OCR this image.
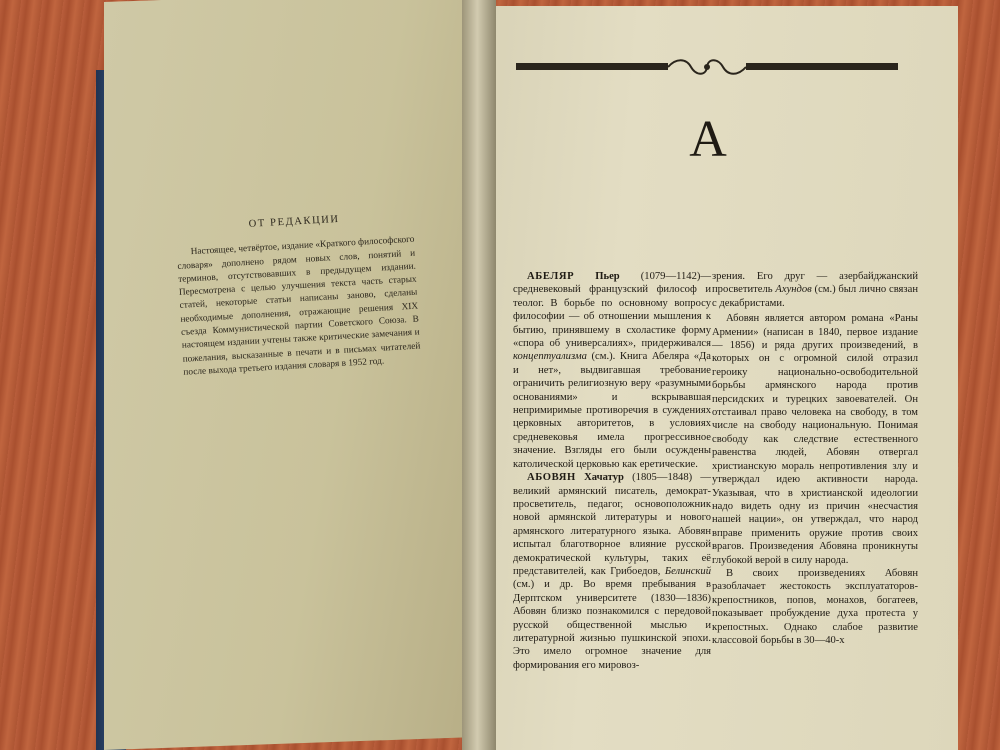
ОТ РЕДАКЦИИ

Настоящее, четвёртое, издание «Краткого философского словаря» дополнено рядом новых слов, понятий и терминов, отсутствовавших в предыдущем издании. Пересмотрена с целью улучшения текста часть старых статей, некоторые статьи написаны заново, сделаны необходимые дополнения, отражающие решения XIX съезда Коммунистической партии Советского Союза. В настоящем издании учтены также критические замечания и пожелания, высказанные в печати и в письмах читателей после выхода третьего издания словаря в 1952 год.

А

АБЕЛЯР Пьер (1079—1142)— средневековый французский философ и теолог. В борьбе по основному вопросу философии — об отношении мышления к бытию, принявшему в схоластике форму «спора об универсалиях», придерживался концептуализма (см.). Книга Абеляра «Да и нет», выдвигавшая требование ограничить религиозную веру «разумными основаниями» и вскрывавшая непримиримые противоречия в суждениях церковных авторитетов, в условиях средневековья имела прогрессивное значение. Взгляды его были осуждены католической церковью как еретические.

АБОВЯН Хачатур (1805—1848) — великий армянский писатель, демократ-просветитель, педагог, основоположник новой армянской литературы и нового армянского литературного языка. Абовян испытал благотворное влияние русской демократической культуры, таких её представителей, как Грибоедов, Белинский (см.) и др. Во время пребывания в Дерптском университете (1830—1836) Абовян близко познакомился с передовой русской общественной мыслью и литературной жизнью пушкинской эпохи. Это имело огромное значение для формирования его мировоз-

зрения. Его друг — азербайджанский просветитель Ахундов (см.) был лично связан с декабристами.

Абовян является автором романа «Раны Армении» (написан в 1840, первое издание — 1856) и ряда других произведений, в которых он с огромной силой отразил героику национально-освободительной борьбы армянского народа против персидских и турецких завоевателей. Он отстаивал право человека на свободу, в том числе на свободу национальную. Понимая свободу как следствие естественного равенства людей, Абовян отвергал христианскую мораль непротивления злу и утверждал идею активности народа. Указывая, что в христианской идеологии надо видеть одну из причин «несчастия нашей нации», он утверждал, что народ вправе применить оружие против своих врагов. Произведения Абовяна проникнуты глубокой верой в силу народа.

В своих произведениях Абовян разоблачает жестокость эксплуататоров-крепостников, попов, монахов, богатеев, показывает пробуждение духа протеста у крепостных. Однако слабое развитие классовой борьбы в 30—40-х
